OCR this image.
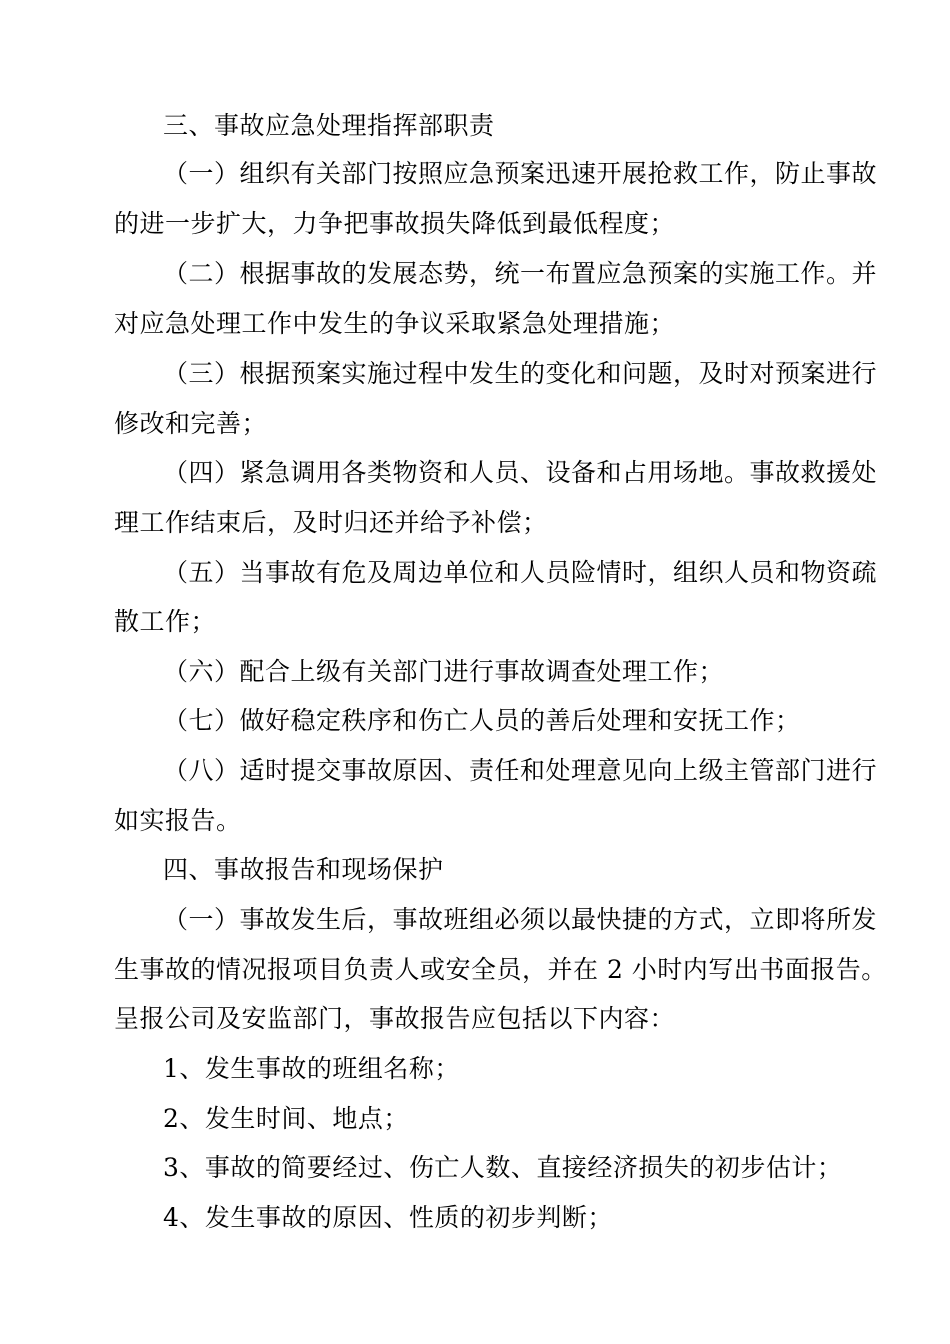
三、事故应急处理指挥部职责
（一）组织有关部门按照应急预案迅速开展抢救工作，防止事故
的进一步扩大，力争把事故损失降低到最低程度；
（二）根据事故的发展态势，统一布置应急预案的实施工作。并
对应急处理工作中发生的争议采取紧急处理措施；
（三）根据预案实施过程中发生的变化和问题，及时对预案进行
修改和完善；
（四）紧急调用各类物资和人员、设备和占用场地。事故救援处
理工作结束后，及时归还并给予补偿；
（五）当事故有危及周边单位和人员险情时，组织人员和物资疏
散工作；
（六）配合上级有关部门进行事故调查处理工作；
（七）做好稳定秩序和伤亡人员的善后处理和安抚工作；
（八）适时提交事故原因、责任和处理意见向上级主管部门进行
如实报告。
四、事故报告和现场保护
（一）事故发生后，事故班组必须以最快捷的方式，立即将所发
生事故的情况报项目负责人或安全员，并在 2 小时内写出书面报告。
呈报公司及安监部门，事故报告应包括以下内容：
1、发生事故的班组名称；
2、发生时间、地点；
3、事故的简要经过、伤亡人数、直接经济损失的初步估计；
4、发生事故的原因、性质的初步判断；
